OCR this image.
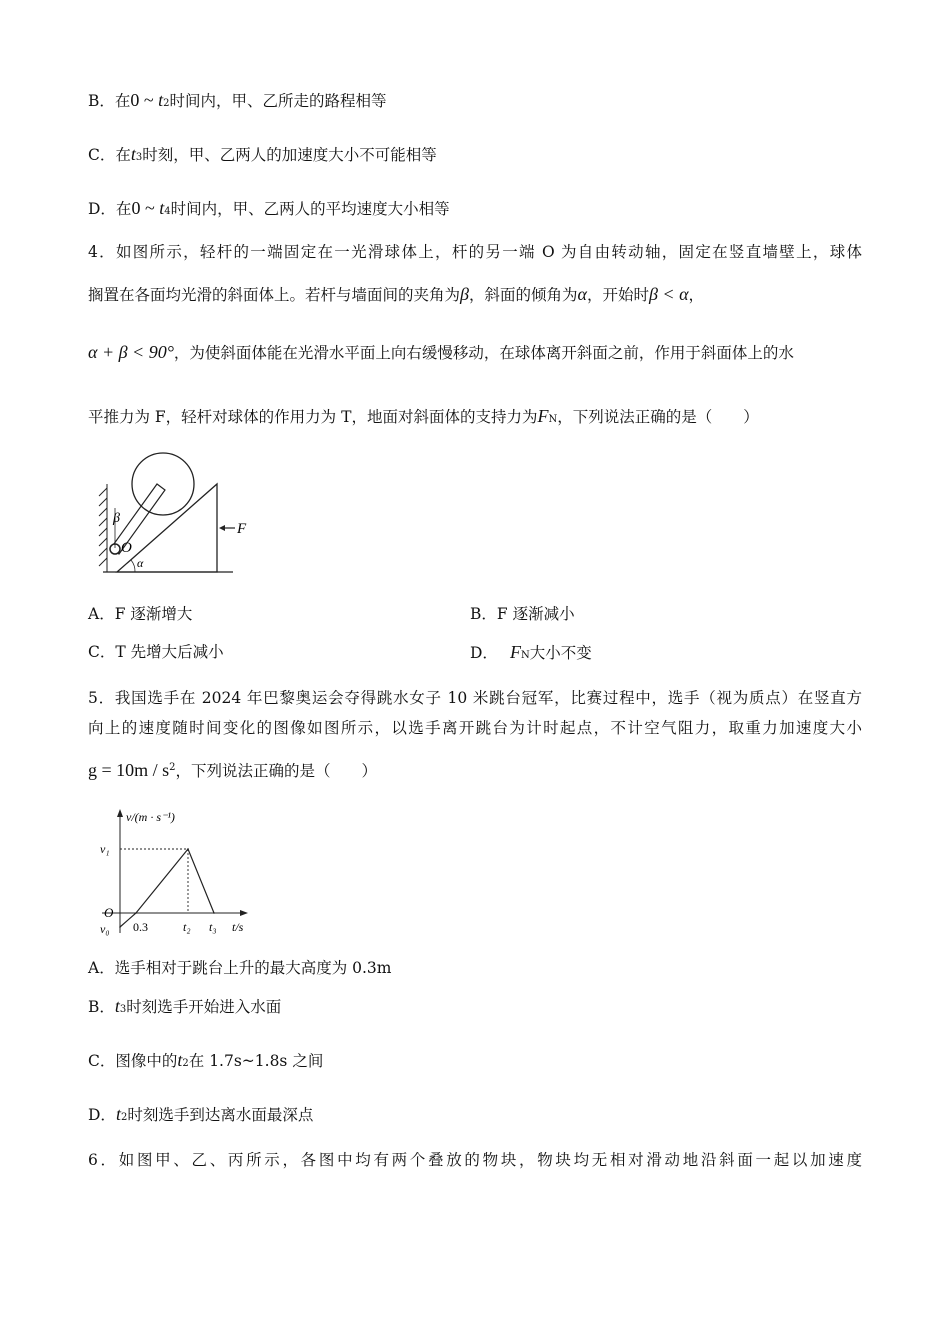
B．在0 ~ t2时间内，甲、乙所走的路程相等
C．在t3时刻，甲、乙两人的加速度大小不可能相等
D．在0 ~ t4时间内，甲、乙两人的平均速度大小相等
4．如图所示，轻杆的一端固定在一光滑球体上，杆的另一端 O 为自由转动轴，固定在竖直墙壁上，球体
搁置在各面均光滑的斜面体上。若杆与墙面间的夹角为β，斜面的倾角为α，开始时β < α，
α + β < 90°，为使斜面体能在光滑水平面上向右缓慢移动，在球体离开斜面之前，作用于斜面体上的水
平推力为 F，轻杆对球体的作用力为 T，地面对斜面体的支持力为FN，下列说法正确的是（　　）
F
O
β
α
A．F 逐渐增大	B．F 逐渐减小
C．T 先增大后减小	D． FN大小不变
5．我国选手在 2024 年巴黎奥运会夺得跳水女子 10 米跳台冠军，比赛过程中，选手（视为质点）在竖直方
向上的速度随时间变化的图像如图所示，以选手离开跳台为计时起点，不计空气阻力，取重力加速度大小
$g = 10m / s^2$，下列说法正确的是（　　）
v/(m · s⁻¹)
t/s
O
0.3	t₂ t₃
v₁
v₀
A．选手相对于跳台上升的最大高度为 0.3m
B．t3时刻选手开始进入水面
C．图像中的t2在 1.7s~1.8s 之间
D．t2时刻选手到达离水面最深点
6．如图甲、乙、丙所示，各图中均有两个叠放的物块，物块均无相对滑动地沿斜面一起以加速度
